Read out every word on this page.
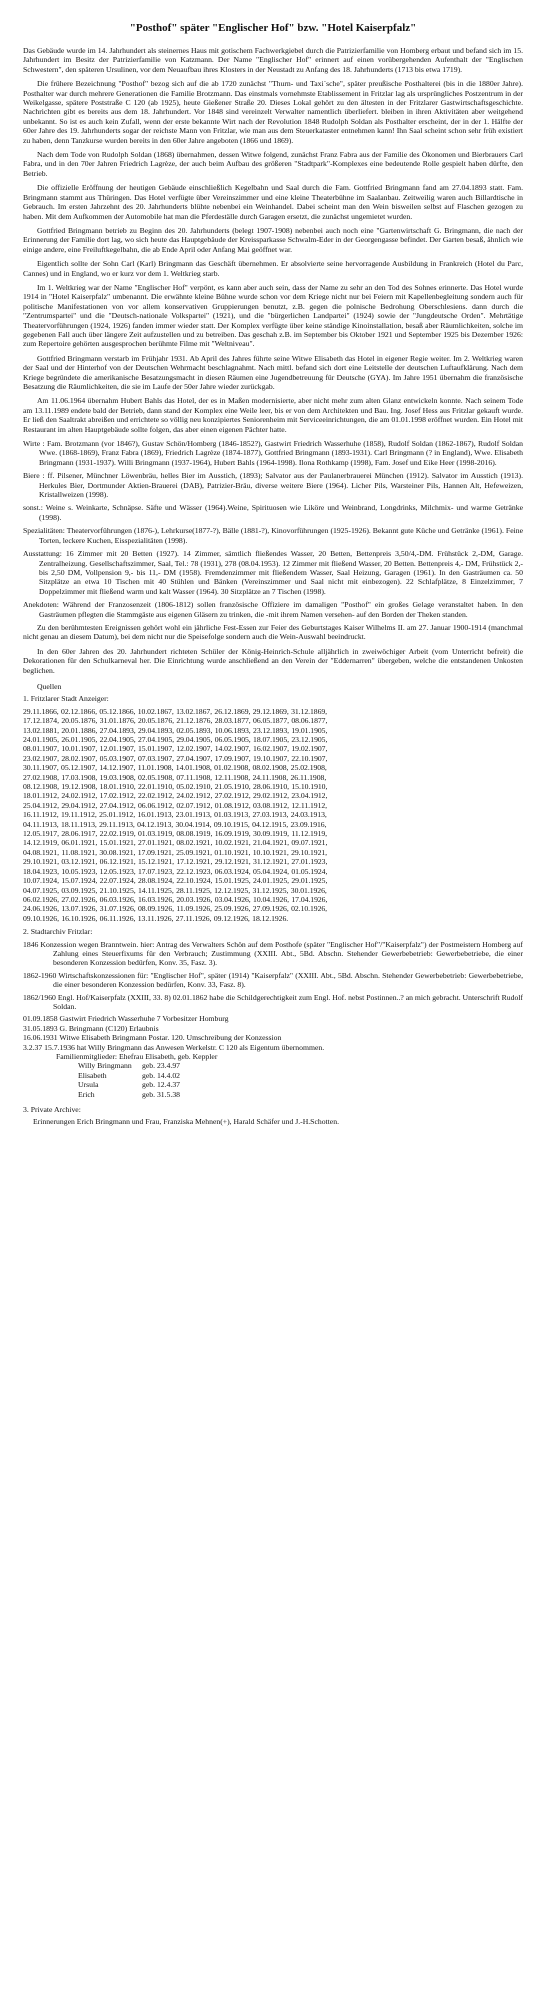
"Posthof" später "Englischer Hof" bzw. "Hotel Kaiserpfalz"

Das Gebäude wurde im 14. Jahrhundert als steinernes Haus mit gotischem Fachwerkgiebel durch die Patrizierfamilie von Homberg erbaut und befand sich im 15. Jahrhundert im Besitz der Patrizierfamilie von Katzmann. Der Name "Englischer Hof" erinnert auf einen vorübergehenden Aufenthalt der "Englischen Schwestern", den späteren Ursulinen, vor dem Neuaufbau ihres Klosters in der Neustadt zu Anfang des 18. Jahrhunderts (1713 bis etwa 1719).

Die frühere Bezeichnung "Posthof" bezog sich auf die ab 1720 zunächst "Thurn- und Taxi´sche", später preußische Posthalterei (bis in die 1880er Jahre). Posthalter war durch mehrere Generationen die Familie Brotzmann. Das einstmals vornehmste Etablissement in Fritzlar lag als ursprüngliches Postzentrum in der Weikelgasse, spätere Poststraße C 120 (ab 1925), heute Gießener Straße 20. Dieses Lokal gehört zu den ältesten in der Fritzlarer Gastwirtschaftsgeschichte. Nachrichten gibt es bereits aus dem 18. Jahrhundert. Vor 1848 sind vereinzelt Verwalter namentlich überliefert. bleiben in ihren Aktivitäten aber weitgehend unbekannt. So ist es auch kein Zufall, wenn der erste bekannte Wirt nach der Revolution 1848 Rudolph Soldan als Posthalter erscheint, der in der 1. Hälfte der 60er Jahre des 19. Jahrhunderts sogar der reichste Mann von Fritzlar, wie man aus dem Steuerkataster entnehmen kann! Ihn Saal scheint schon sehr früh existiert zu haben, denn Tanzkurse wurden bereits in den 60er Jahre angeboten (1866 und 1869).

Nach dem Tode von Rudolph Soldan (1868) übernahmen, dessen Witwe folgend, zunächst Franz Fabra aus der Familie des Ökonomen und Bierbrauers Carl Fabra, und in den 70er Jahren Friedrich Lagrèze, der auch beim Aufbau des größeren "Stadtpark"-Komplexes eine bedeutende Rolle gespielt haben dürfte, den Betrieb.

Die offizielle Eröffnung der heutigen Gebäude einschließlich Kegelbahn und Saal durch die Fam. Gottfried Bringmann fand am 27.04.1893 statt. Fam. Bringmann stammt aus Thüringen. Das Hotel verfügte über Vereinszimmer und eine kleine Theaterbühne im Saalanbau. Zeitweilig waren auch Billardtische in Gebrauch. Im ersten Jahrzehnt des 20. Jahrhunderts blühte nebenbei ein Weinhandel. Dabei scheint man den Wein bisweilen selbst auf Flaschen gezogen zu haben. Mit dem Aufkommen der Automobile hat man die Pferdeställe durch Garagen ersetzt, die zunächst ungemietet wurden.

Gottfried Bringmann betrieb zu Beginn des 20. Jahrhunderts (belegt 1907-1908) nebenbei auch noch eine "Gartenwirtschaft G. Bringmann, die nach der Erinnerung der Familie dort lag, wo sich heute das Hauptgebäude der Kreissparkasse Schwalm-Eder in der Georgengasse befindet. Der Garten besaß, ähnlich wie einige andere, eine Freiluftkegelbahn, die ab Ende April oder Anfang Mai geöffnet war.

Eigentlich sollte der Sohn Carl (Karl) Bringmann das Geschäft übernehmen. Er absolvierte seine hervorragende Ausbildung in Frankreich (Hotel du Parc, Cannes) und in England, wo er kurz vor dem 1. Weltkrieg starb.

Im 1. Weltkrieg war der Name "Englischer Hof" verpönt, es kann aber auch sein, dass der Name zu sehr an den Tod des Sohnes erinnerte. Das Hotel wurde 1914 in "Hotel Kaiserpfalz" umbenannt. Die erwähnte kleine Bühne wurde schon vor dem Kriege nicht nur bei Feiern mit Kapellenbegleitung sondern auch für politische Manifestationen von vor allem konservativen Gruppierungen benutzt, z.B. gegen die polnische Bedrohung Oberschlesiens. dann durch die "Zentrumspartei" und die "Deutsch-nationale Volkspartei" (1921), und die "bürgerlichen Landpartei" (1924) sowie der "Jungdeutsche Orden". Mehrtätige Theatervorführungen (1924, 1926) fanden immer wieder statt. Der Komplex verfügte über keine ständige Kinoinstallation, besaß aber Räumlichkeiten, solche im gegebenen Fall auch über längere Zeit aufzustellen und zu betreiben. Das geschah z.B. im September bis Oktober 1921 und September 1925 bis Dezember 1926: zum Repertoire gehörten ausgesprochen berühmte Filme mit "Weltniveau".

Gottfried Bringmann verstarb im Frühjahr 1931. Ab April des Jahres führte seine Witwe Elisabeth das Hotel in eigener Regie weiter. Im 2. Weltkrieg waren der Saal und der Hinterhof von der Deutschen Wehrmacht beschlagnahmt. Nach mittl. befand sich dort eine Leitstelle der deutschen Luftaufklärung. Nach dem Kriege begründete die amerikanische Besatzungsmacht in diesen Räumen eine Jugendbetreuung für Deutsche (GYA). Im Jahre 1951 übernahm die französische Besatzung die Räumlichkeiten, die sie im Laufe der 50er Jahre wieder zurückgab.

Am 11.06.1964 übernahm Hubert Bahls das Hotel, der es in Maßen modernisierte, aber nicht mehr zum alten Glanz entwickeln konnte. Nach seinem Tode am 13.11.1989 endete bald der Betrieb, dann stand der Komplex eine Weile leer, bis er von dem Architekten und Bau. Ing. Josef Hess aus Fritzlar gekauft wurde. Er ließ den Saaltrakt abreißen und errichtete so völlig neu konzipiertes Seniorenheim mit Serviceeinrichtungen, die am 01.01.1998 eröffnet wurden. Ein Hotel mit Restaurant im alten Hauptgebäude sollte folgen, das aber einen eigenen Pächter hatte.

Wirte : Fam. Brotzmann (vor 1846?), Gustav Schön/Homberg (1846-1852?), Gastwirt Friedrich Wasserhuhe (1858), Rudolf Soldan (1862-1867), Rudolf Soldan Wwe. (1868-1869), Franz Fabra (1869), Friedrich Lagrèze (1874-1877), Gottfried Bringmann (1893-1931). Carl Bringmann (? in England), Wwe. Elisabeth Bringmann (1931-1937). Willi Bringmann (1937-1964), Hubert Bahls (1964-1998). Ilona Rothkamp (1998), Fam. Josef und Eike Heer (1998-2016).

Biere : ff. Pilsener, Münchner Löwenbräu, helles Bier im Ausstich, (1893); Salvator aus der Paulanerbrauerei München (1912). Salvator im Ausstich (1913). Herkules Bier, Dortmunder Aktien-Brauerei (DAB), Patrizier-Bräu, diverse weitere Biere (1964). Licher Pils, Warsteiner Pils, Hannen Alt, Hefeweizen, Kristallweizen (1998).

sonst.: Weine s. Weinkarte, Schnäpse. Säfte und Wässer (1964).Weine, Spirituosen wie Liköre und Weinbrand, Longdrinks, Milchmix- und warme Getränke (1998).

Spezialitäten: Theatervorführungen (1876-), Lehrkurse(1877-?), Bälle (1881-?), Kinovorführungen (1925-1926). Bekannt gute Küche und Getränke (1961). Feine Torten, leckere Kuchen, Eisspezialitäten (1998).

Ausstattung: 16 Zimmer mit 20 Betten (1927). 14 Zimmer, sämtlich fließendes Wasser, 20 Betten, Bettenpreis 3,50/4,-DM. Frühstück 2,-DM, Garage. Zentralheizung. Gesellschaftszimmer, Saal, Tel.: 78 (1931), 278 (08.04.1953). 12 Zimmer mit fließend Wasser, 20 Betten. Bettenpreis 4,- DM, Frühstück 2,- bis 2,50 DM, Vollpension 9,- bis 11,- DM (1958). Fremdenzimmer mit fließendem Wasser, Saal Heizung, Garagen (1961). In den Gasträumen ca. 50 Sitzplätze an etwa 10 Tischen mit 40 Stühlen und Bänken (Vereinszimmer und Saal nicht mit einbezogen). 22 Schlafplätze, 8 Einzelzimmer, 7 Doppelzimmer mit fließend warm und kalt Wasser (1964). 30 Sitzplätze an 7 Tischen (1998).

Anekdoten: Während der Franzosenzeit (1806-1812) sollen französische Offiziere im damaligen "Posthof" ein großes Gelage veranstaltet haben. In den Gasträumen pflegten die Stammgäste aus eigenen Gläsern zu trinken, die -mit ihrem Namen versehen- auf den Borden der Theken standen.

Zu den berühmtesten Ereignissen gehört wohl ein jährliche Fest-Essen zur Feier des Geburtstages Kaiser Wilhelms II. am 27. Januar 1900-1914 (manchmal nicht genau an diesem Datum), bei dem nicht nur die Speisefolge sondern auch die Wein-Auswahl beeindruckt.

In den 60er Jahren des 20. Jahrhundert richteten Schüler der König-Heinrich-Schule alljährlich in zweiwöchiger Arbeit (vom Unterricht befreit) die Dekorationen für den Schulkarneval her. Die Einrichtung wurde anschließend an den Verein der "Eddernarren" übergeben, welche die entstandenen Unkosten beglichen.

Quellen
1. Fritzlarer Stadt Anzeiger:
29.11.1866, 02.12.1866, 05.12.1866, 10.02.1867, 13.02.1867, 26.12.1869, 29.12.1869, 31.12.1869,
17.12.1874, 20.05.1876, 31.01.1876, 20.05.1876, 21.12.1876, 28.03.1877, 06.05.1877, 08.06.1877,
13.02.1881, 20.01.1886, 27.04.1893, 29.04.1893, 02.05.1893, 10.06.1893, 23.12.1893, 19.01.1905,
24.01.1905, 26.01.1905, 22.04.1905, 27.04.1905, 29.04.1905, 06.05.1905, 18.07.1905, 23.12.1905,
08.01.1907, 10.01.1907, 12.01.1907, 15.01.1907, 12.02.1907, 14.02.1907, 16.02.1907, 19.02.1907,
23.02.1907, 28.02.1907, 05.03.1907, 07.03.1907, 27.04.1907, 17.09.1907, 19.10.1907, 22.10.1907,
30.11.1907, 05.12.1907, 14.12.1907, 11.01.1908, 14.01.1908, 01.02.1908, 08.02.1908, 25.02.1908,
27.02.1908, 17.03.1908, 19.03.1908, 02.05.1908, 07.11.1908, 12.11.1908, 24.11.1908, 26.11.1908,
08.12.1908, 19.12.1908, 18.01.1910, 22.01.1910, 05.02.1910, 21.05.1910, 28.06.1910, 15.10.1910,
18.01.1912, 24.02.1912, 17.02.1912, 22.02.1912, 24.02.1912, 27.02.1912, 29.02.1912, 23.04.1912,
25.04.1912, 29.04.1912, 27.04.1912, 06.06.1912, 02.07.1912, 01.08.1912, 03.08.1912, 12.11.1912,
16.11.1912, 19.11.1912, 25.01.1912, 16.01.1913, 23.01.1913, 01.03.1913, 27.03.1913, 24.03.1913,
04.11.1913, 18.11.1913, 29.11.1913, 04.12.1913, 30.04.1914, 09.10.1915, 04.12.1915, 23.09.1916,
12.05.1917, 28.06.1917, 22.02.1919, 01.03.1919, 08.08.1919, 16.09.1919, 30.09.1919, 11.12.1919,
14.12.1919, 06.01.1921, 15.01.1921, 27.01.1921, 08.02.1921, 10.02.1921, 21.04.1921, 09.07.1921,
04.08.1921, 11.08.1921, 30.08.1921, 17.09.1921, 25.09.1921, 01.10.1921, 10.10.1921, 29.10.1921,
29.10.1921, 03.12.1921, 06.12.1921, 15.12.1921, 17.12.1921, 29.12.1921, 31.12.1921, 27.01.1923,
18.04.1923, 10.05.1923, 12.05.1923, 17.07.1923, 22.12.1923, 06.03.1924, 05.04.1924, 01.05.1924,
10.07.1924, 15.07.1924, 22.07.1924, 28.08.1924, 22.10.1924, 15.01.1925, 24.01.1925, 29.01.1925,
04.07.1925, 03.09.1925, 21.10.1925, 14.11.1925, 28.11.1925, 12.12.1925, 31.12.1925, 30.01.1926,
06.02.1926, 27.02.1926, 06.03.1926, 16.03.1926, 20.03.1926, 03.04.1926, 10.04.1926, 17.04.1926,
24.06.1926, 13.07.1926, 31.07.1926, 08.09.1926, 11.09.1926, 25.09.1926, 27.09.1926, 02.10.1926,
09.10.1926, 16.10.1926, 06.11.1926, 13.11.1926, 27.11.1926, 09.12.1926, 18.12.1926.
2. Stadtarchiv Fritzlar:

1846 Konzession wegen Branntwein. hier: Antrag des Verwalters Schön auf dem Posthofe (später "Englischer Hof"/"Kaiserpfalz") der Postmeistern Homberg auf Zahlung eines Steuerfixums für den Verbrauch; Zustimmung (XXIII. Abt., 5Bd. Abschn. Stehender Gewerbebetrieb: Gewerbebetriebe, die einer besonderen Konzession bedürfen, Konv. 35, Fasz. 3).

1862-1960 Wirtschaftskonzessionen für: "Englischer Hof", später (1914) "Kaiserpfalz" (XXIII. Abt., 5Bd. Abschn. Stehender Gewerbebetrieb: Gewerbebetriebe, die einer besonderen Konzession bedürfen, Konv. 33, Fasz. 8).

1862/1960 Engl. Hof/Kaiserpfalz (XXIII, 33. 8) 02.01.1862 habe die Schildgerechtigkeit zum Engl. Hof. nebst Postinnen..? an mich gebracht. Unterschrift Rudolf Soldan.

01.09.1858 Gastwirt Friedrich Wasserhuhe 7 Vorbesitzer Homburg
31.05.1893 G. Bringmann (C120) Erlaubnis
16.06.1931 Witwe Elisabeth Bringmann Postar. 120. Umschreibung der Konzession
3.2.37 15.7.1936 hat Willy Bringmann das Anwesen Werkelstr. C 120 als Eigentum übernommen.
Familienmitglieder: Ehefrau Elisabeth, geb. Keppler
Willy Bringmann	geb. 23.4.97
Elisabeth	geb. 14.4.02
Ursula	geb. 12.4.37
Erich	geb. 31.5.38
3. Private Archive:
Erinnerungen Erich Bringmann und Frau, Franziska Mehnen(+), Harald Schäfer und J.-H.Schotten.
